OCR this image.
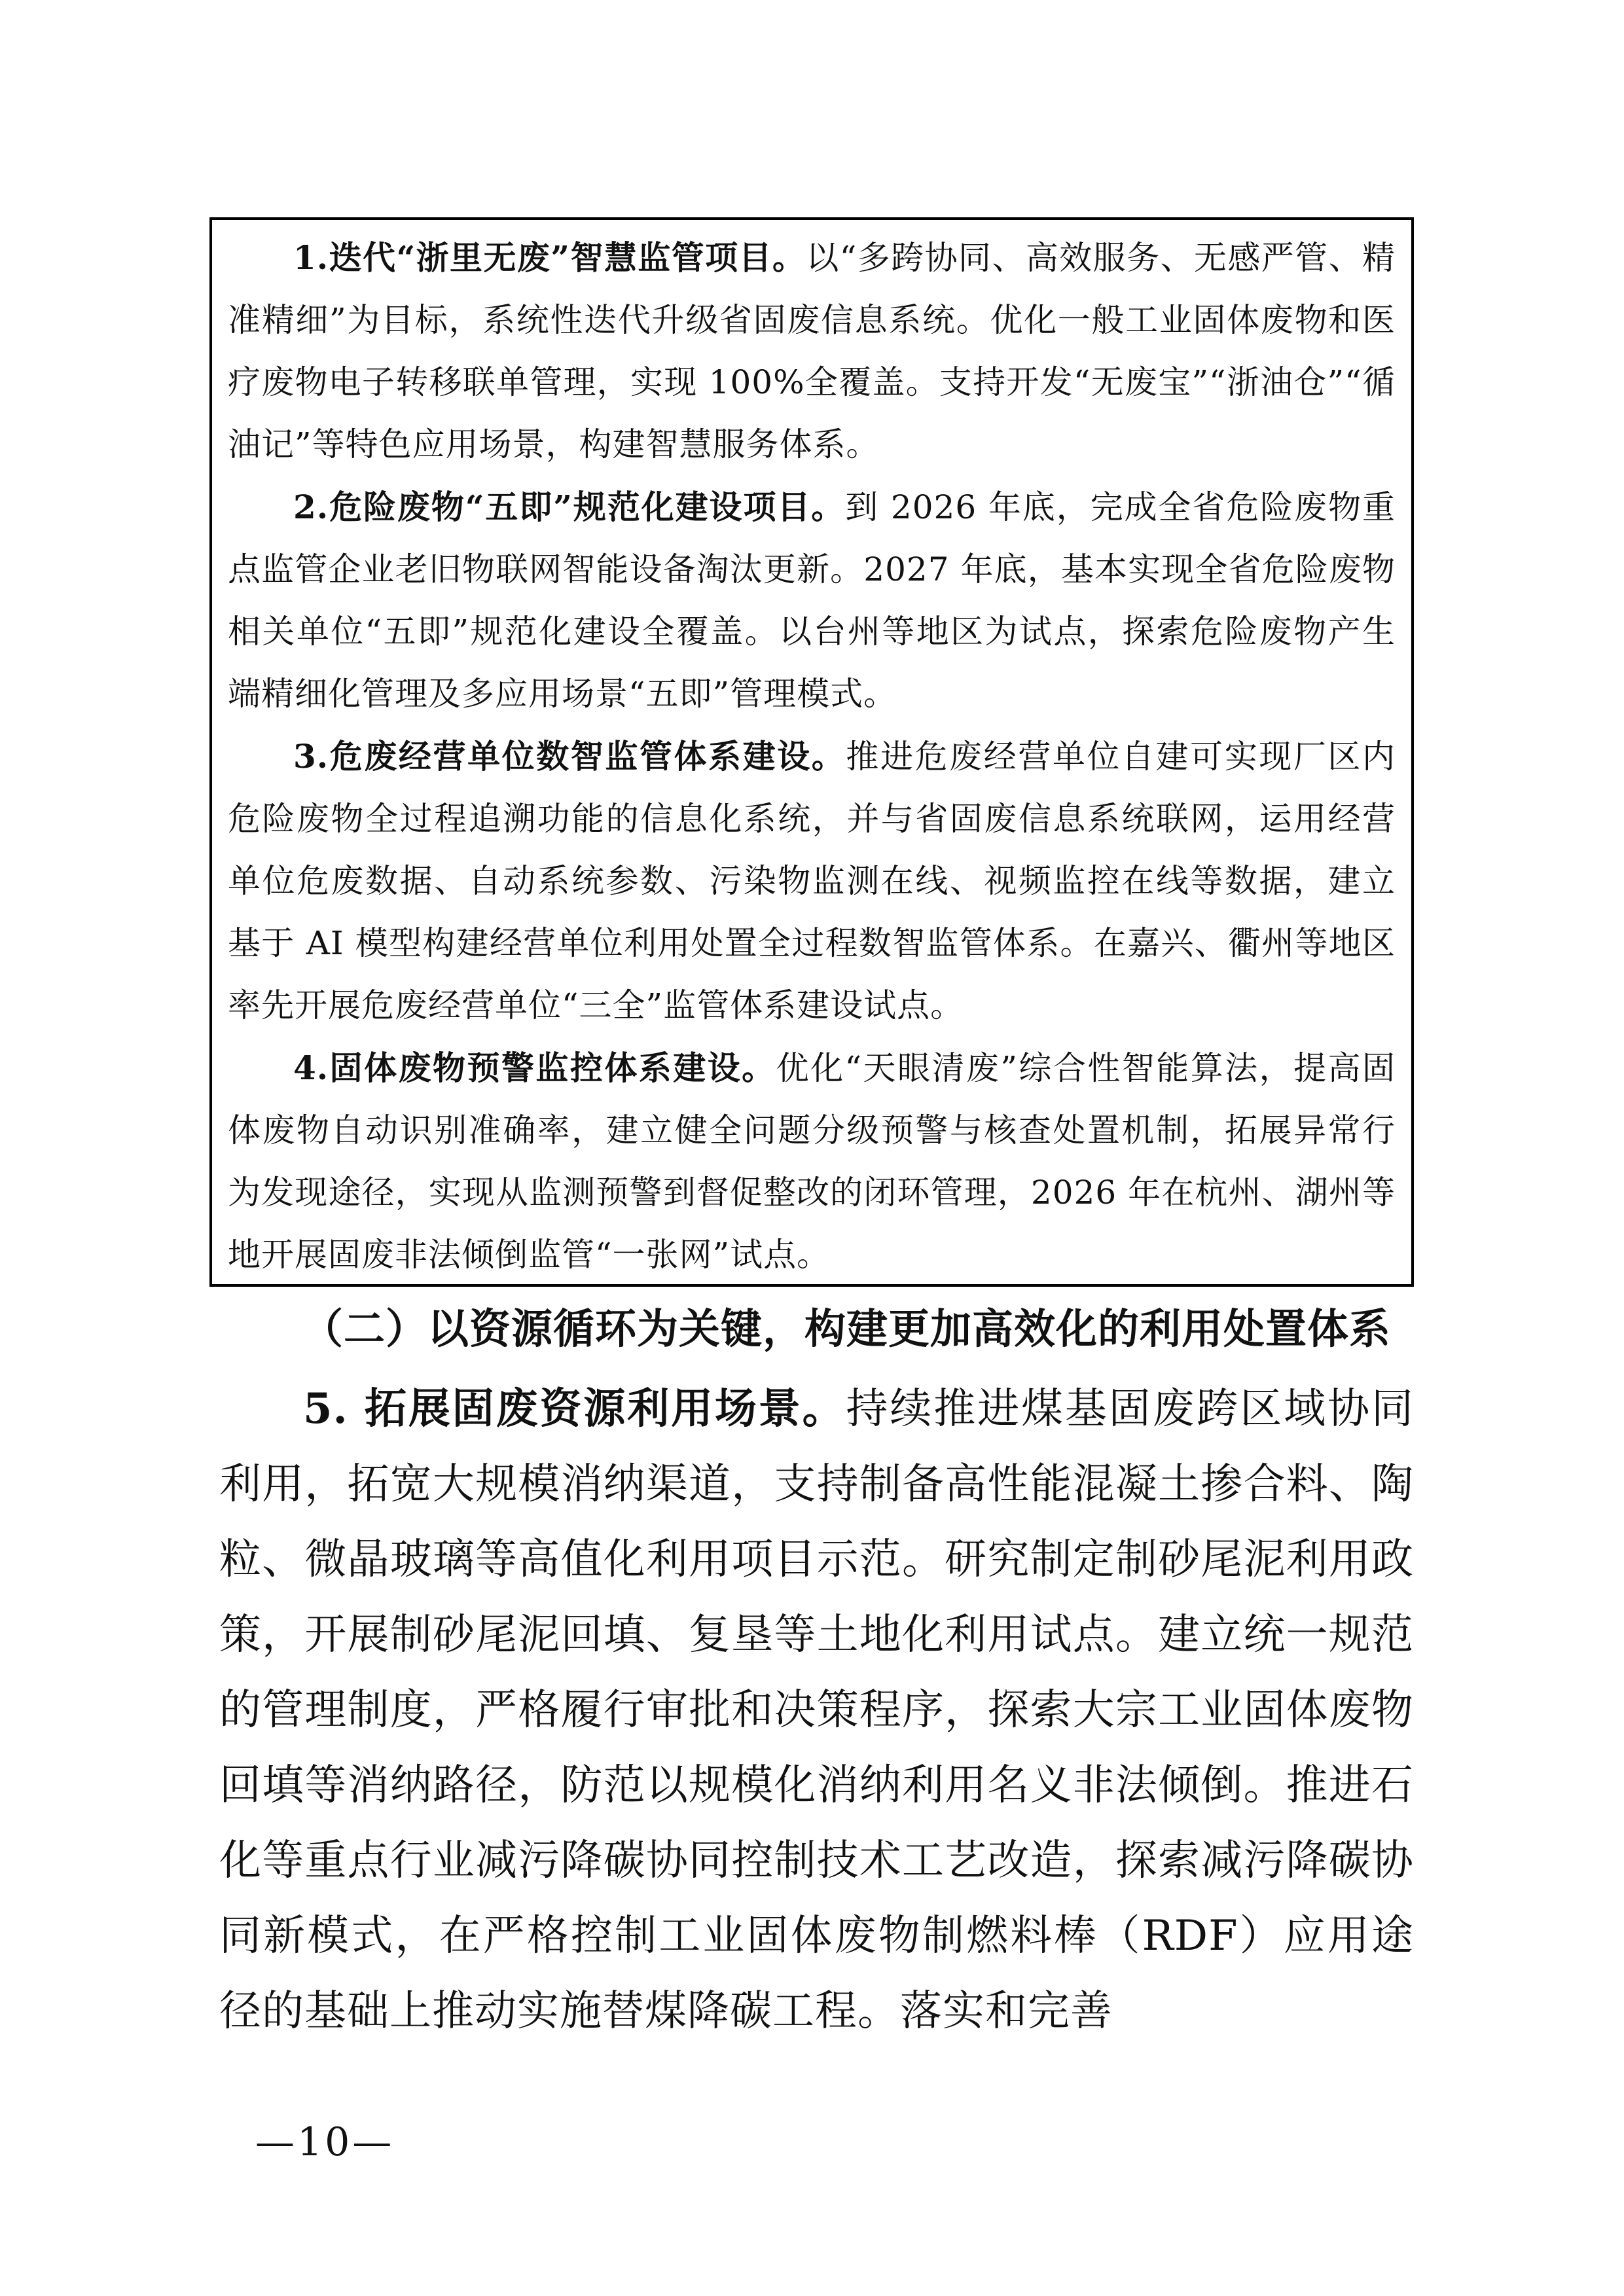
1.迭代“浙里无废”智慧监管项目。以“多跨协同、高效服务、无感严管、精准精细”为目标，系统性迭代升级省固废信息系统。优化一般工业固体废物和医疗废物电子转移联单管理，实现 100%全覆盖。支持开发“无废宝”“浙油仓”“循油记”等特色应用场景，构建智慧服务体系。

2.危险废物“五即”规范化建设项目。到 2026 年底，完成全省危险废物重点监管企业老旧物联网智能设备淘汰更新。2027 年底，基本实现全省危险废物相关单位“五即”规范化建设全覆盖。以台州等地区为试点，探索危险废物产生端精细化管理及多应用场景“五即”管理模式。

3.危废经营单位数智监管体系建设。推进危废经营单位自建可实现厂区内危险废物全过程追溯功能的信息化系统，并与省固废信息系统联网，运用经营单位危废数据、自动系统参数、污染物监测在线、视频监控在线等数据，建立基于 AI 模型构建经营单位利用处置全过程数智监管体系。在嘉兴、衢州等地区率先开展危废经营单位“三全”监管体系建设试点。

4.固体废物预警监控体系建设。优化“天眼清废”综合性智能算法，提高固体废物自动识别准确率，建立健全问题分级预警与核查处置机制，拓展异常行为发现途径，实现从监测预警到督促整改的闭环管理，2026 年在杭州、湖州等地开展固废非法倾倒监管“一张网”试点。

（二）以资源循环为关键，构建更加高效化的利用处置体系

5. 拓展固废资源利用场景。持续推进煤基固废跨区域协同利用，拓宽大规模消纳渠道，支持制备高性能混凝土掺合料、陶粒、微晶玻璃等高值化利用项目示范。研究制定制砂尾泥利用政策，开展制砂尾泥回填、复垦等土地化利用试点。建立统一规范的管理制度，严格履行审批和决策程序，探索大宗工业固体废物回填等消纳路径，防范以规模化消纳利用名义非法倾倒。推进石化等重点行业减污降碳协同控制技术工艺改造，探索减污降碳协同新模式，在严格控制工业固体废物制燃料棒（RDF）应用途径的基础上推动实施替煤降碳工程。落实和完善

—10—
